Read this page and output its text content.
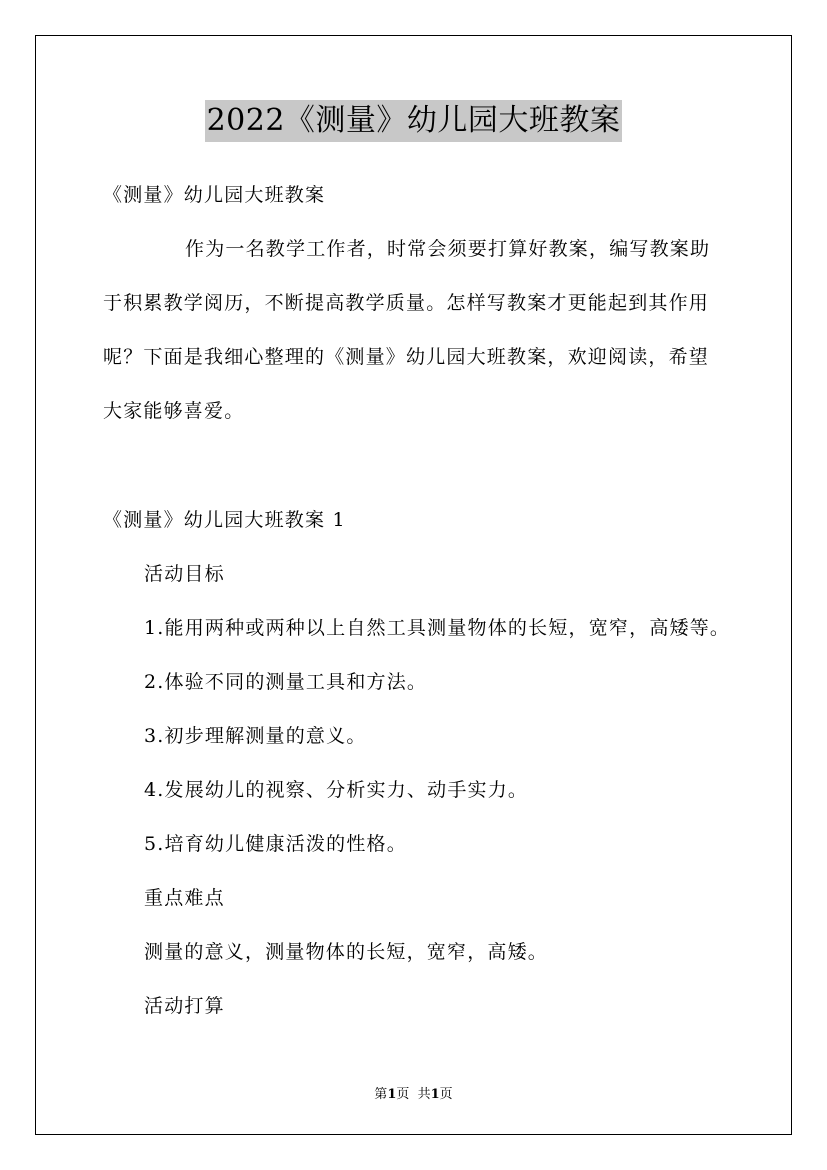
2022《测量》幼儿园大班教案
《测量》幼儿园大班教案
作为一名教学工作者，时常会须要打算好教案，编写教案助
于积累教学阅历，不断提高教学质量。怎样写教案才更能起到其作用
呢？下面是我细心整理的《测量》幼儿园大班教案，欢迎阅读，希望
大家能够喜爱。
《测量》幼儿园大班教案 1
活动目标
1.能用两种或两种以上自然工具测量物体的长短，宽窄，高矮等。
2.体验不同的测量工具和方法。
3.初步理解测量的意义。
4.发展幼儿的视察、分析实力、动手实力。
5.培育幼儿健康活泼的性格。
重点难点
测量的意义，测量物体的长短，宽窄，高矮。
活动打算
第1页  共1页
